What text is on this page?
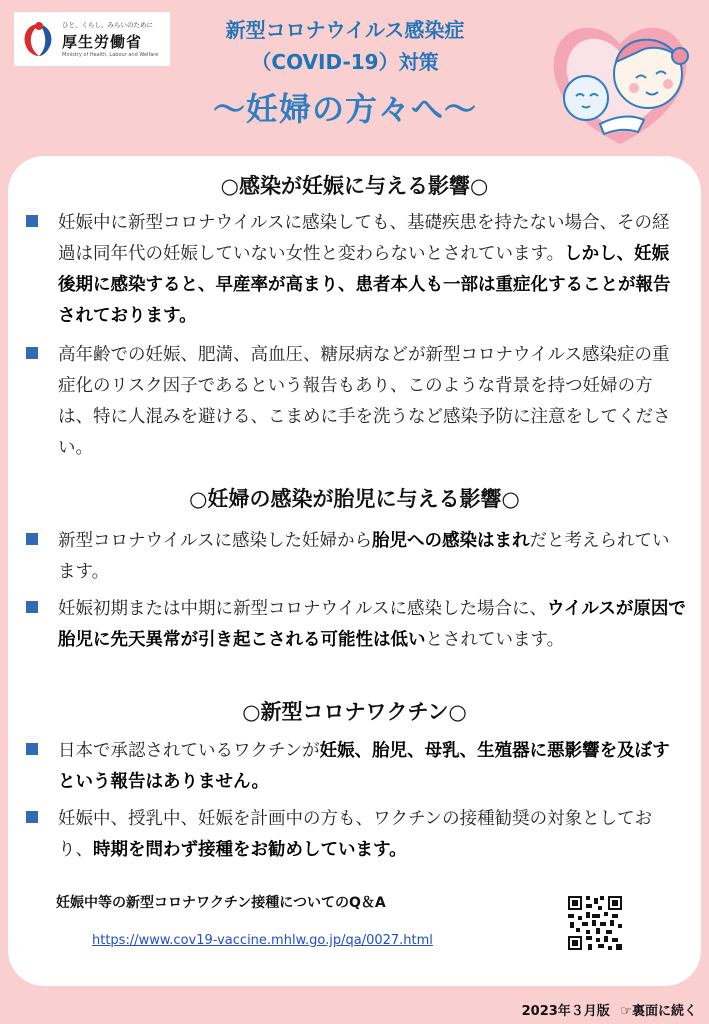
ひと、くらし、みらいのために
厚生労働省
Ministry of Health, Labour and Welfare
新型コロナウイルス感染症
（COVID-19）対策
～妊婦の方々へ～
○感染が妊娠に与える影響○
妊娠中に新型コロナウイルスに感染しても、基礎疾患を持たない場合、その経過は同年代の妊娠していない女性と変わらないとされています。しかし、妊娠後期に感染すると、早産率が高まり、患者本人も一部は重症化することが報告されております。
高年齢での妊娠、肥満、高血圧、糖尿病などが新型コロナウイルス感染症の重症化のリスク因子であるという報告もあり、このような背景を持つ妊婦の方は、特に人混みを避ける、こまめに手を洗うなど感染予防に注意をしてください。
○妊婦の感染が胎児に与える影響○
新型コロナウイルスに感染した妊婦から胎児への感染はまれだと考えられています。
妊娠初期または中期に新型コロナウイルスに感染した場合に、ウイルスが原因で胎児に先天異常が引き起こされる可能性は低いとされています。
○新型コロナワクチン○
日本で承認されているワクチンが妊娠、胎児、母乳、生殖器に悪影響を及ぼすという報告はありません。
妊娠中、授乳中、妊娠を計画中の方も、ワクチンの接種勧奨の対象としており、時期を問わず接種をお勧めしています。
妊娠中等の新型コロナワクチン接種についてのQ＆A
https://www.cov19-vaccine.mhlw.go.jp/qa/0027.html
2023年３月版 ☞裏面に続く
